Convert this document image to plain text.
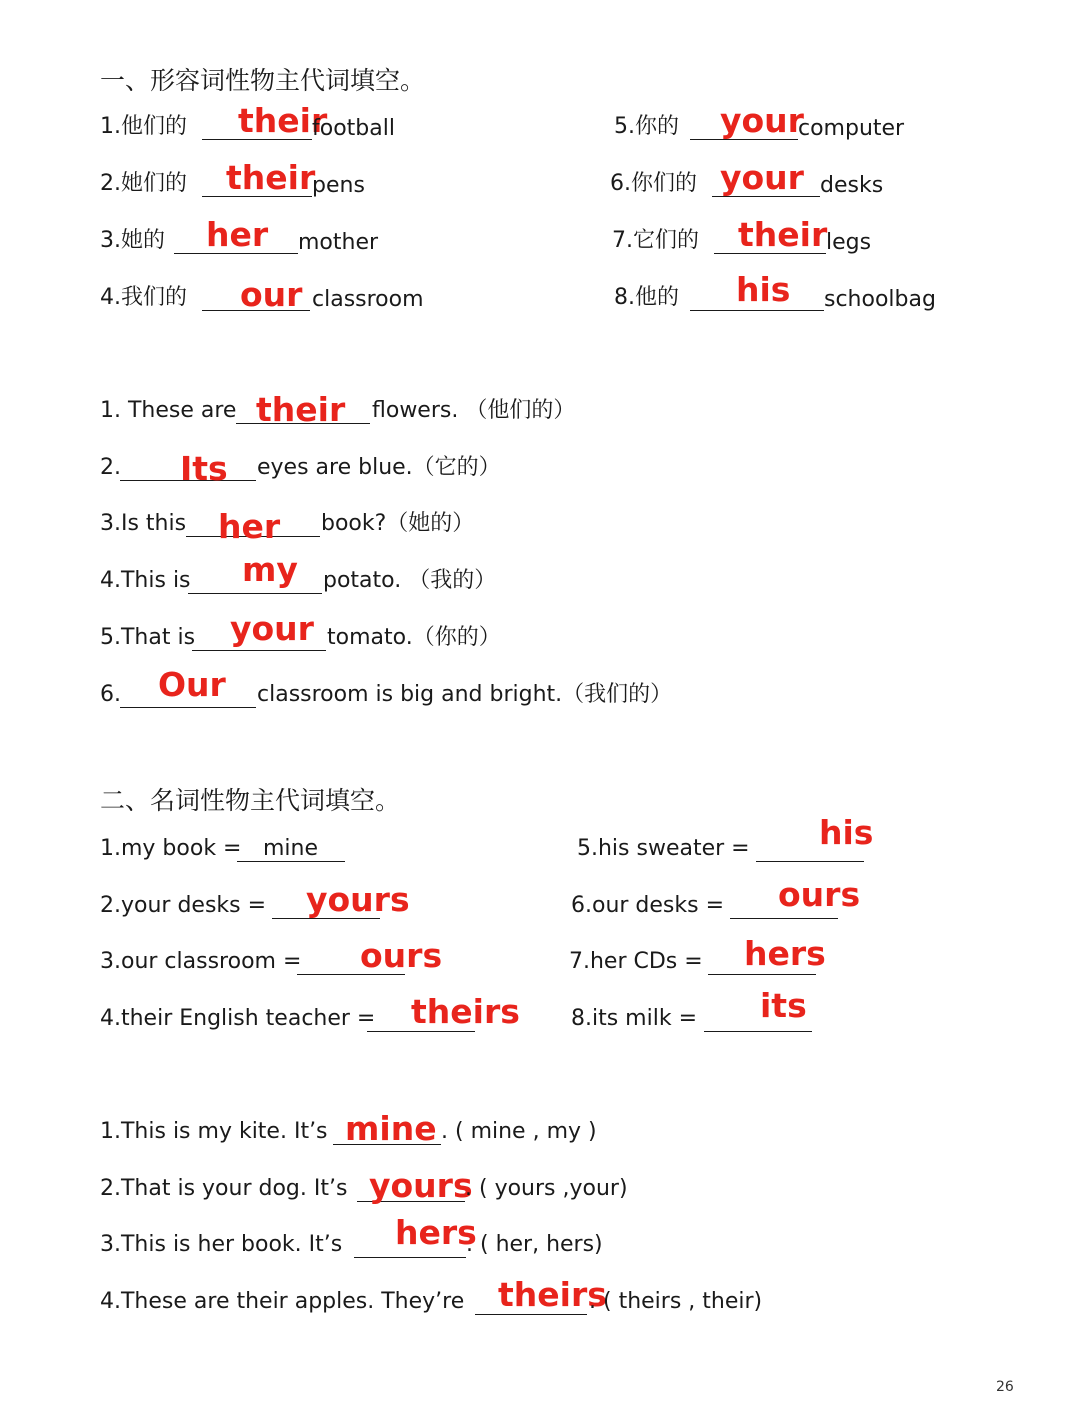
一、形容词性物主代词填空。
1.他们的 their
football
2.她们的 their
pens
3.她的 her mother
4.我们的 our classroom
5.你的 your
computer
6.你们的 your desks
7.它们的 their
legs
8.他的 his schoolbag
1. These are their flowers. （他们的）
2. Its eyes are blue.（它的）
3.Is this her book?（她的）
4.This is my potato. （我的）
5.That is your tomato.（你的）
6. Our classroom is big and bright.（我们的）
二、名词性物主代词填空。
1.my book = mine
2.your desks = yours
3.our classroom = ours
4.their English teacher = theirs
5.his sweater = his
6.our desks = ours
7.her CDs = hers
8.its milk = its
1.This is my kite. It’s mine . ( mine , my )
2.That is your dog. It’s yours
. ( yours ,your)
3.This is her book. It’s hers
. ( her, hers)
4.These are their apples. They’re theirs
. ( theirs , their)
26
